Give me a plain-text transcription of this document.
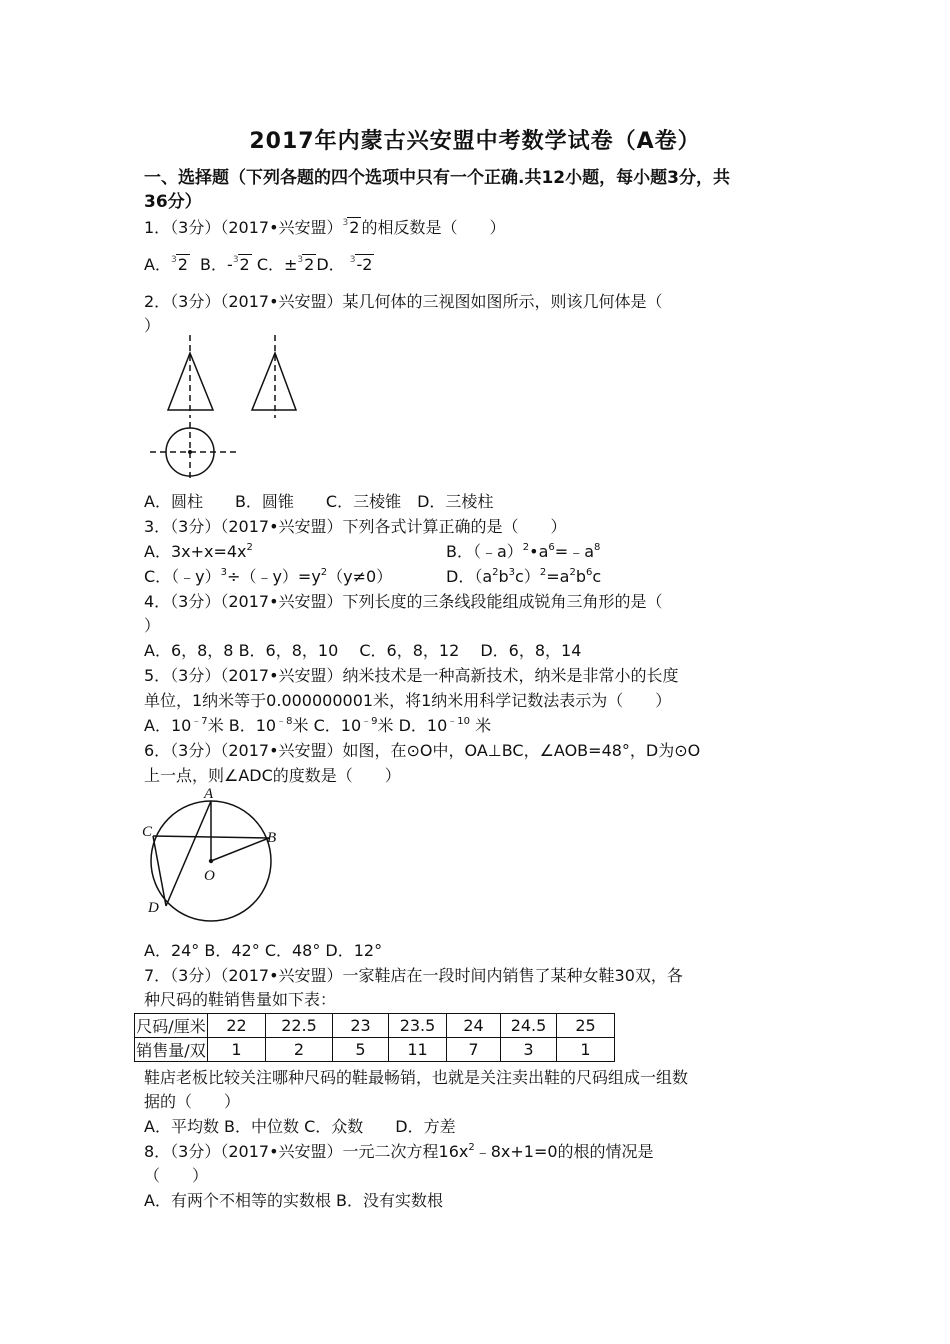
2017年内蒙古兴安盟中考数学试卷（A卷）
一、选择题（下列各题的四个选项中只有一个正确.共12小题，每小题3分，共
36分）
1．（3分）（2017•兴安盟）$^3$2 的相反数是（　　）
A．$^3$2 B．-$^3$2 C．±$^3$2 D． $^3$-2
2．（3分）（2017•兴安盟）某几何体的三视图如图所示，则该几何体是（
）
A．圆柱　　B．圆锥　　C．三棱锥　D．三棱柱
3．（3分）（2017•兴安盟）下列各式计算正确的是（　　）
A．$3x+x=4x^2$	B．$(﹣a)^2•a^6=﹣a^8$
C．$(﹣y)^3\div(﹣y)=y^2(y\ne 0)$	D．$(a^2b^3c)^2=a^2b^6c$
4．（3分）（2017•兴安盟）下列长度的三条线段能组成锐角三角形的是（
）
A．6，8，8 B．6，8，10　 C．6，8，12　 D．6，8，14
5．（3分）（2017•兴安盟）纳米技术是一种高新技术，纳米是非常小的长度
单位，1纳米等于0.000000001米，将1纳米用科学记数法表示为（　　）
A．$10^{﹣7}$米 B．$10^{﹣8}$米 C．$10^{﹣9}$米 D．$10^{﹣10}$ 米
6．（3分）（2017•兴安盟）如图，在⊙O中，OA⊥BC，∠AOB=48°，D为⊙O
上一点，则∠ADC的度数是（　　）
A
C	B
O
D
A．24° B．42° C．48° D．12°
7．（3分）（2017•兴安盟）一家鞋店在一段时间内销售了某种女鞋30双，各
种尺码的鞋销售量如下表：
尺码/厘米	22	22.5	23	23.5	24	24.5	25
销售量/双	1	2	5	11	7	3	1
鞋店老板比较关注哪种尺码的鞋最畅销，也就是关注卖出鞋的尺码组成一组数
据的（　　）
A．平均数 B．中位数 C．众数　　D．方差
8．（3分）（2017•兴安盟）一元二次方程$16x^2﹣8x+1=0$的根的情况是
（　　）
A．有两个不相等的实数根 B．没有实数根
